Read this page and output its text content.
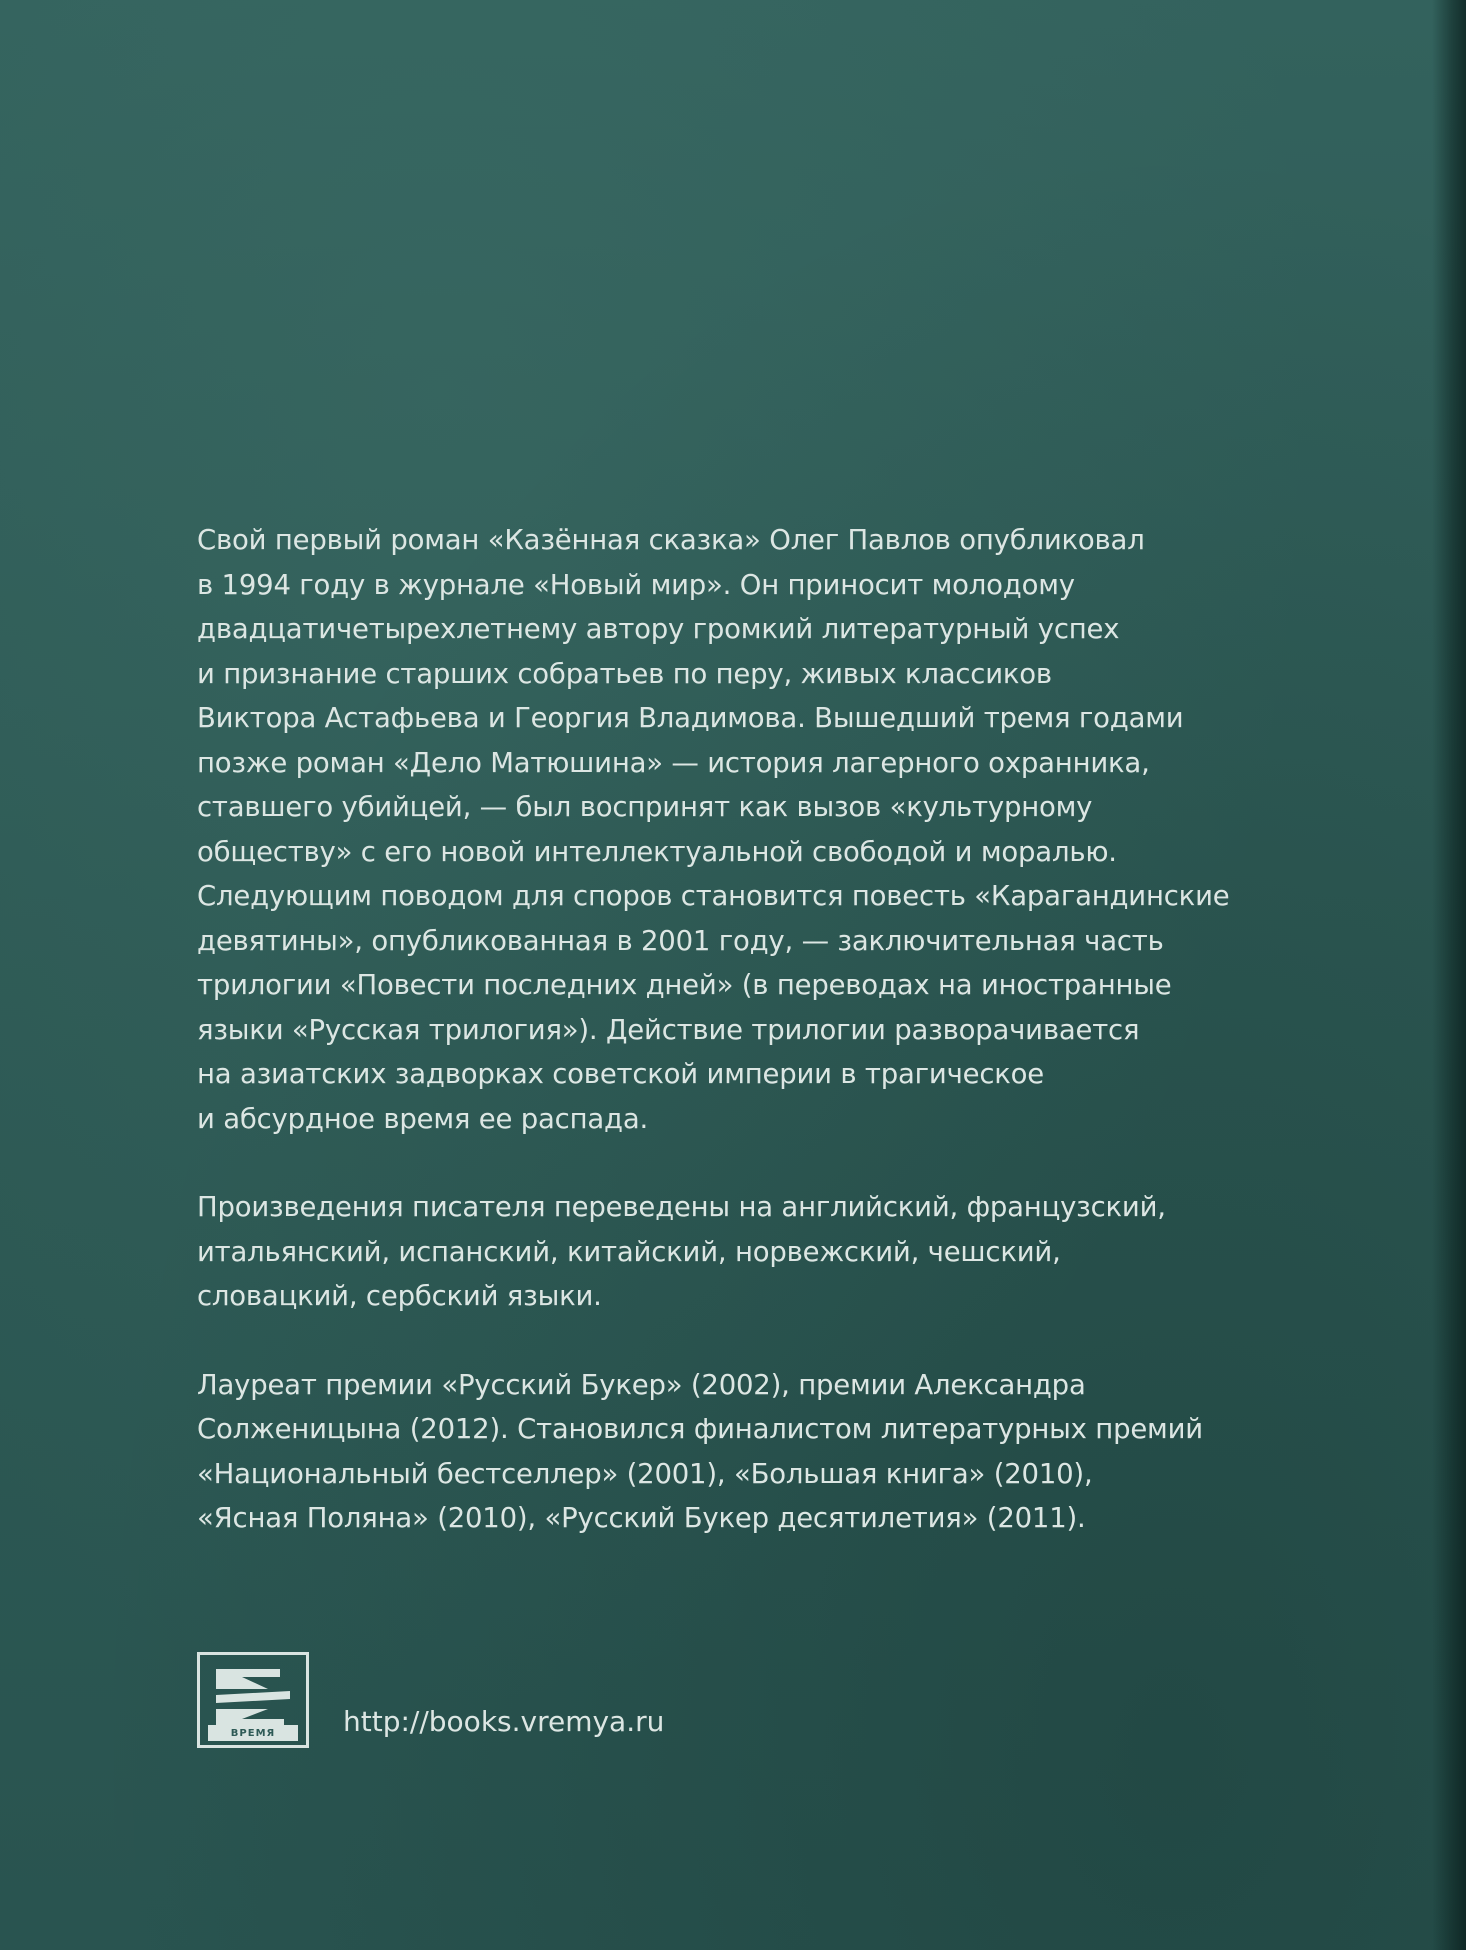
Свой первый роман «Казённая сказка» Олег Павлов опубликовал
в 1994 году в журнале «Новый мир». Он приносит молодому
двадцатичетырехлетнему автору громкий литературный успех
и признание старших собратьев по перу, живых классиков
Виктора Астафьева и Георгия Владимова. Вышедший тремя годами
позже роман «Дело Матюшина» — история лагерного охранника,
ставшего убийцей, — был воспринят как вызов «культурному
обществу» с его новой интеллектуальной свободой и моралью.
Следующим поводом для споров становится повесть «Карагандинские
девятины», опубликованная в 2001 году, — заключительная часть
трилогии «Повести последних дней» (в переводах на иностранные
языки «Русская трилогия»). Действие трилогии разворачивается
на азиатских задворках советской империи в трагическое
и абсурдное время ее распада.
Произведения писателя переведены на английский, французский,
итальянский, испанский, китайский, норвежский, чешский,
словацкий, сербский языки.
Лауреат премии «Русский Букер» (2002), премии Александра
Солженицына (2012). Становился финалистом литературных премий
«Национальный бестселлер» (2001), «Большая книга» (2010),
«Ясная Поляна» (2010), «Русский Букер десятилетия» (2011).
ВРЕМЯ	http://books.vremya.ru
